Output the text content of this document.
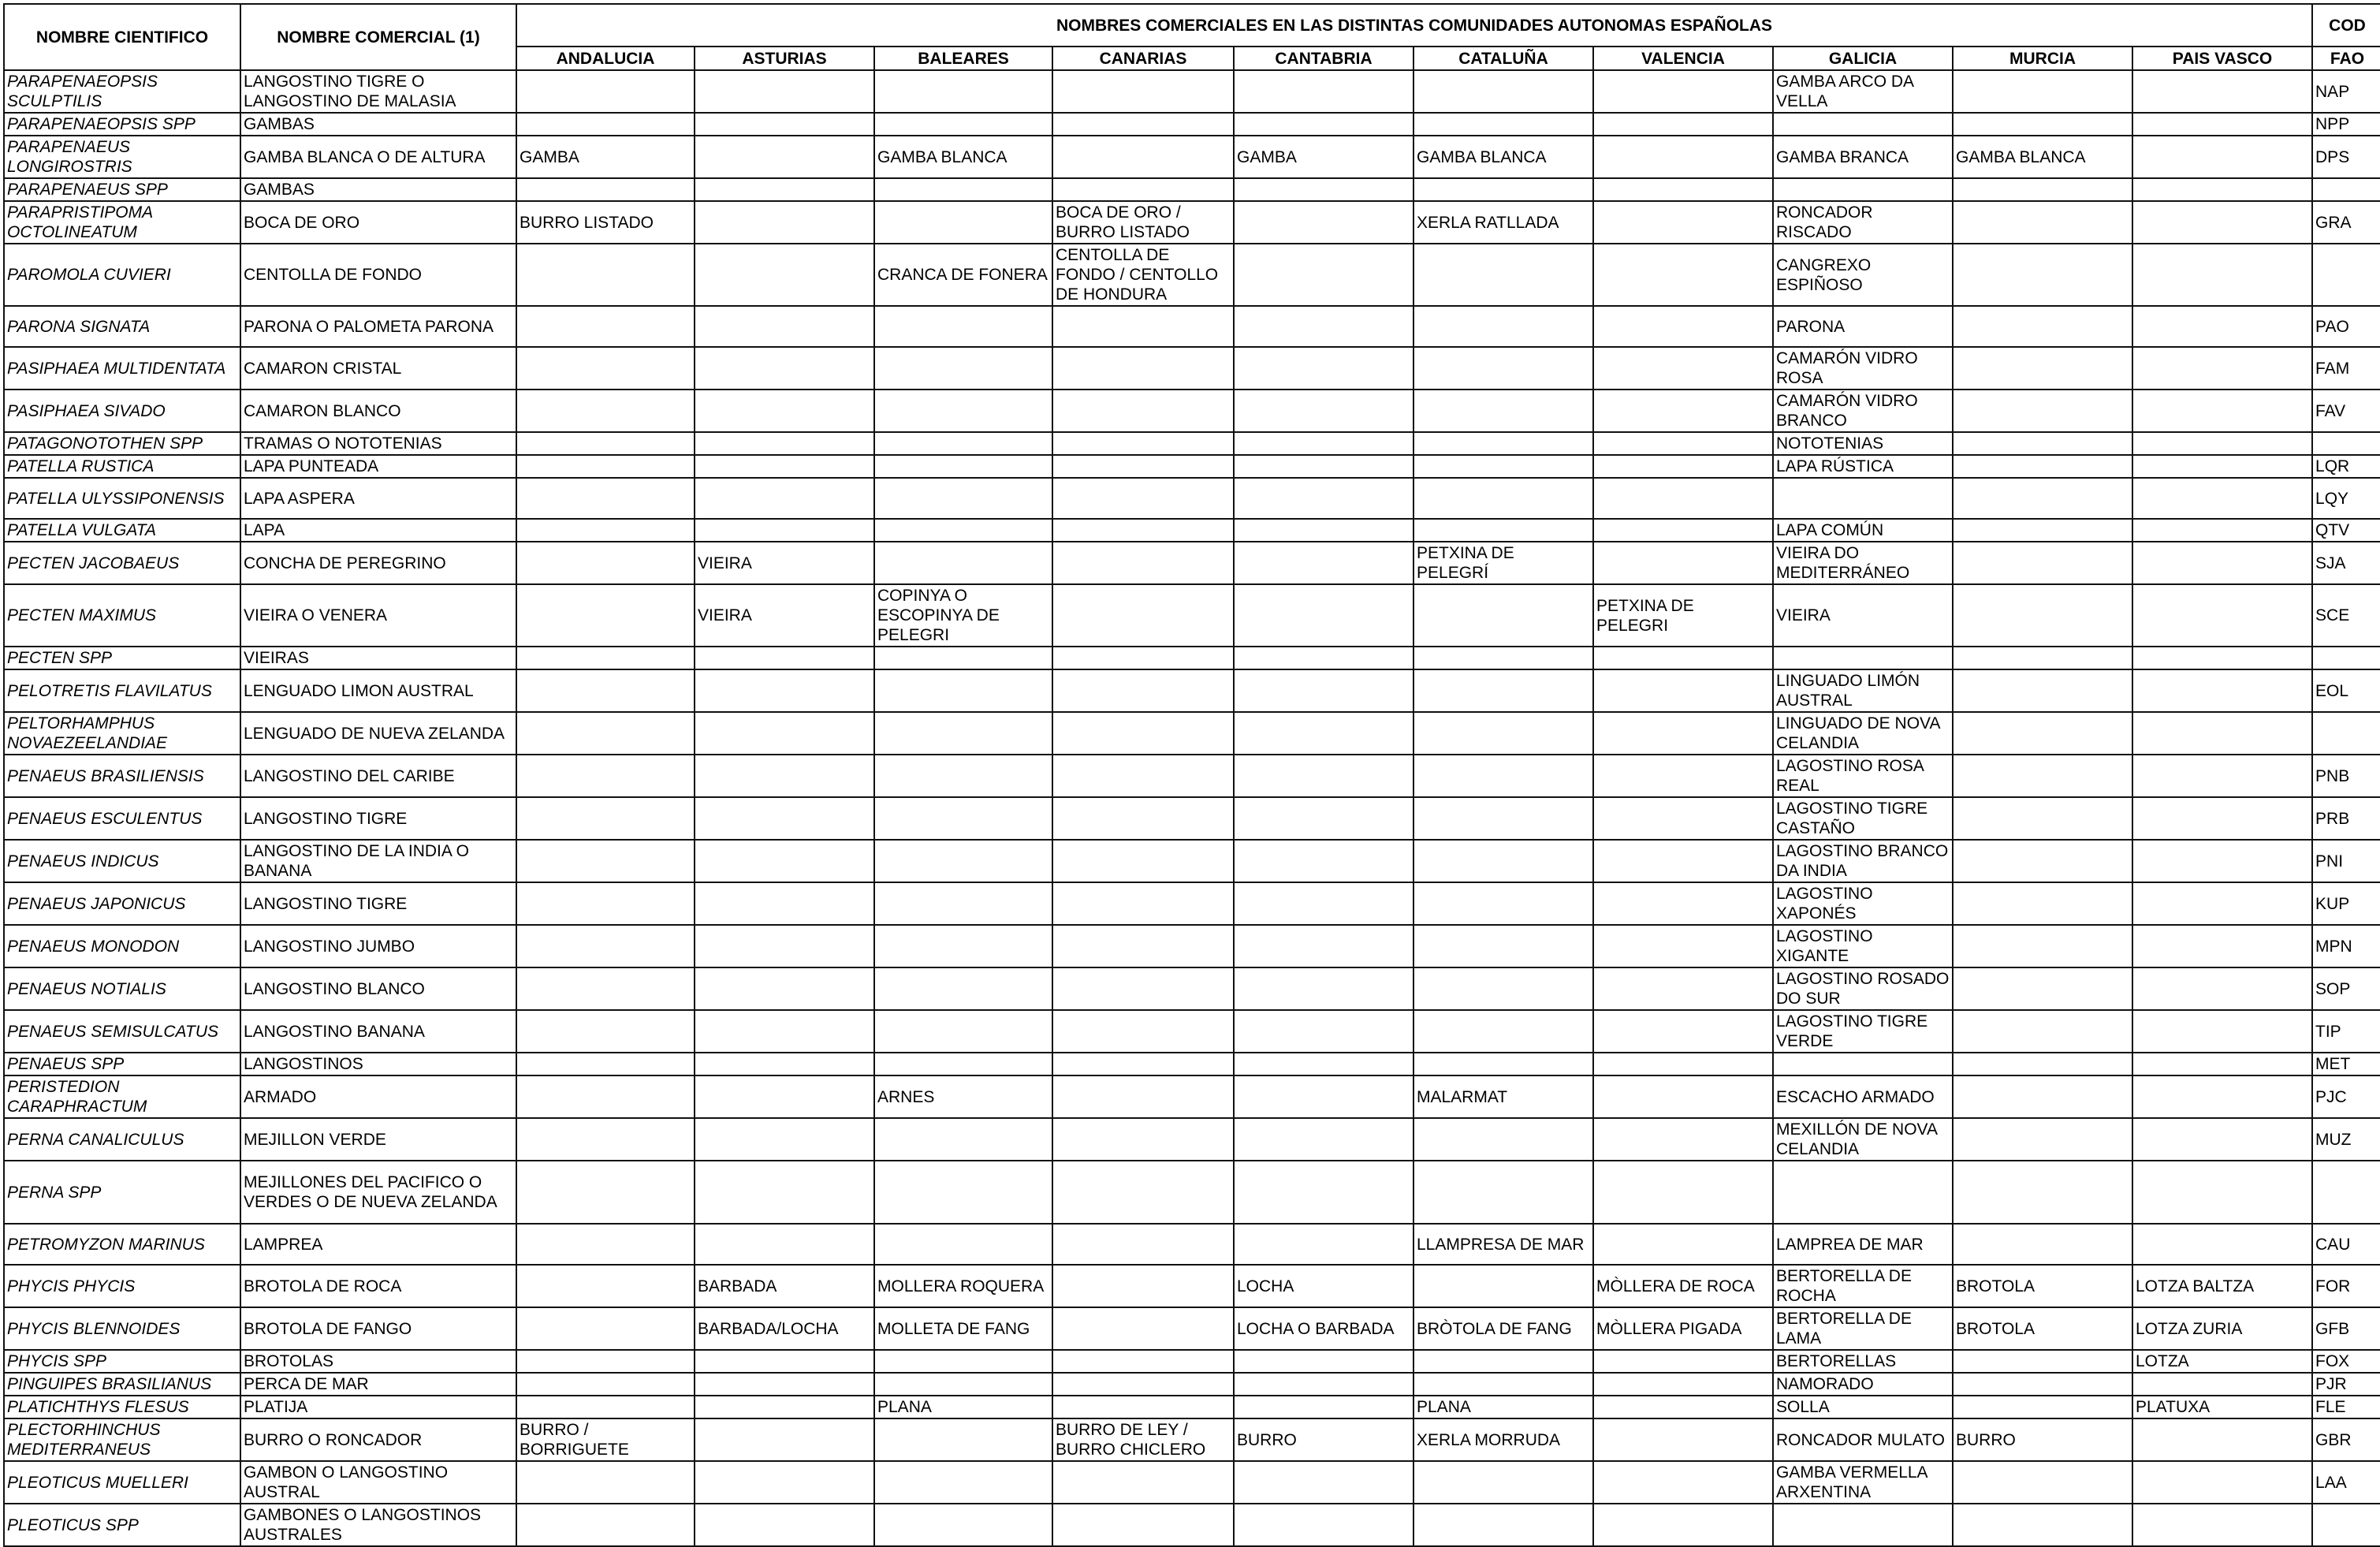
NOMBRE CIENTIFICO	NOMBRE COMERCIAL (1)	NOMBRES COMERCIALES EN LAS DISTINTAS COMUNIDADES AUTONOMAS ESPAÑOLAS										COD
		ANDALUCIA	ASTURIAS	BALEARES	CANARIAS	CANTABRIA	CATALUÑA	VALENCIA	GALICIA	MURCIA	PAIS VASCO	FAO
PARAPENAEOPSIS SCULPTILIS	LANGOSTINO TIGRE O LANGOSTINO DE MALASIA								GAMBA ARCO DA VELLA			NAP
PARAPENAEOPSIS SPP	GAMBAS											NPP
PARAPENAEUS LONGIROSTRIS	GAMBA BLANCA O DE ALTURA	GAMBA		GAMBA BLANCA		GAMBA	GAMBA BLANCA		GAMBA BRANCA	GAMBA BLANCA		DPS
PARAPENAEUS SPP	GAMBAS											
PARAPRISTIPOMA OCTOLINEATUM	BOCA DE ORO	BURRO LISTADO			BOCA DE ORO / BURRO LISTADO		XERLA RATLLADA		RONCADOR RISCADO			GRA
PAROMOLA CUVIERI	CENTOLLA DE FONDO			CRANCA DE FONERA	CENTOLLA DE FONDO / CENTOLLO DE HONDURA				CANGREXO ESPIÑOSO			
PARONA SIGNATA	PARONA O PALOMETA PARONA								PARONA			PAO
PASIPHAEA MULTIDENTATA	CAMARON CRISTAL								CAMARÓN VIDRO ROSA			FAM
PASIPHAEA SIVADO	CAMARON BLANCO								CAMARÓN VIDRO BRANCO			FAV
PATAGONOTOTHEN SPP	TRAMAS O NOTOTENIAS								NOTOTENIAS			
PATELLA RUSTICA	LAPA PUNTEADA								LAPA RÚSTICA			LQR
PATELLA ULYSSIPONENSIS	LAPA ASPERA											LQY
PATELLA VULGATA	LAPA								LAPA COMÚN			QTV
PECTEN JACOBAEUS	CONCHA DE PEREGRINO		VIEIRA				PETXINA DE PELEGRÍ		VIEIRA DO MEDITERRÁNEO			SJA
PECTEN MAXIMUS	VIEIRA O VENERA		VIEIRA	COPINYA O ESCOPINYA DE PELEGRI				PETXINA DE PELEGRI	VIEIRA			SCE
PECTEN SPP	VIEIRAS											
PELOTRETIS FLAVILATUS	LENGUADO LIMON AUSTRAL								LINGUADO LIMÓN AUSTRAL			EOL
PELTORHAMPHUS NOVAEZEELANDIAE	LENGUADO DE NUEVA ZELANDA								LINGUADO DE NOVA CELANDIA			
PENAEUS BRASILIENSIS	LANGOSTINO DEL CARIBE								LAGOSTINO ROSA REAL			PNB
PENAEUS ESCULENTUS	LANGOSTINO TIGRE								LAGOSTINO TIGRE CASTAÑO			PRB
PENAEUS INDICUS	LANGOSTINO DE LA INDIA O BANANA								LAGOSTINO BRANCO DA INDIA			PNI
PENAEUS JAPONICUS	LANGOSTINO TIGRE								LAGOSTINO XAPONÉS			KUP
PENAEUS MONODON	LANGOSTINO JUMBO								LAGOSTINO XIGANTE			MPN
PENAEUS NOTIALIS	LANGOSTINO BLANCO								LAGOSTINO ROSADO DO SUR			SOP
PENAEUS SEMISULCATUS	LANGOSTINO BANANA								LAGOSTINO TIGRE VERDE			TIP
PENAEUS SPP	LANGOSTINOS											MET
PERISTEDION CARAPHRACTUM	ARMADO			ARNES			MALARMAT		ESCACHO ARMADO			PJC
PERNA CANALICULUS	MEJILLON VERDE								MEXILLÓN DE NOVA CELANDIA			MUZ
PERNA SPP	MEJILLONES DEL PACIFICO O VERDES O DE NUEVA ZELANDA											
PETROMYZON MARINUS	LAMPREA						LLAMPRESA DE MAR		LAMPREA DE MAR			CAU
PHYCIS PHYCIS	BROTOLA DE ROCA		BARBADA	MOLLERA ROQUERA		LOCHA		MÒLLERA DE ROCA	BERTORELLA DE ROCHA	BROTOLA	LOTZA BALTZA	FOR
PHYCIS BLENNOIDES	BROTOLA DE FANGO		BARBADA/LOCHA	MOLLETA DE FANG		LOCHA O BARBADA	BRÒTOLA DE FANG	MÒLLERA PIGADA	BERTORELLA DE LAMA	BROTOLA	LOTZA ZURIA	GFB
PHYCIS SPP	BROTOLAS								BERTORELLAS		LOTZA	FOX
PINGUIPES BRASILIANUS	PERCA DE MAR								NAMORADO			PJR
PLATICHTHYS FLESUS	PLATIJA			PLANA			PLANA		SOLLA		PLATUXA	FLE
PLECTORHINCHUS MEDITERRANEUS	BURRO O RONCADOR	BURRO / BORRIGUETE			BURRO DE LEY / BURRO CHICLERO	BURRO	XERLA MORRUDA		RONCADOR MULATO	BURRO		GBR
PLEOTICUS MUELLERI	GAMBON O LANGOSTINO AUSTRAL								GAMBA VERMELLA ARXENTINA			LAA
PLEOTICUS SPP	GAMBONES O LANGOSTINOS AUSTRALES											
